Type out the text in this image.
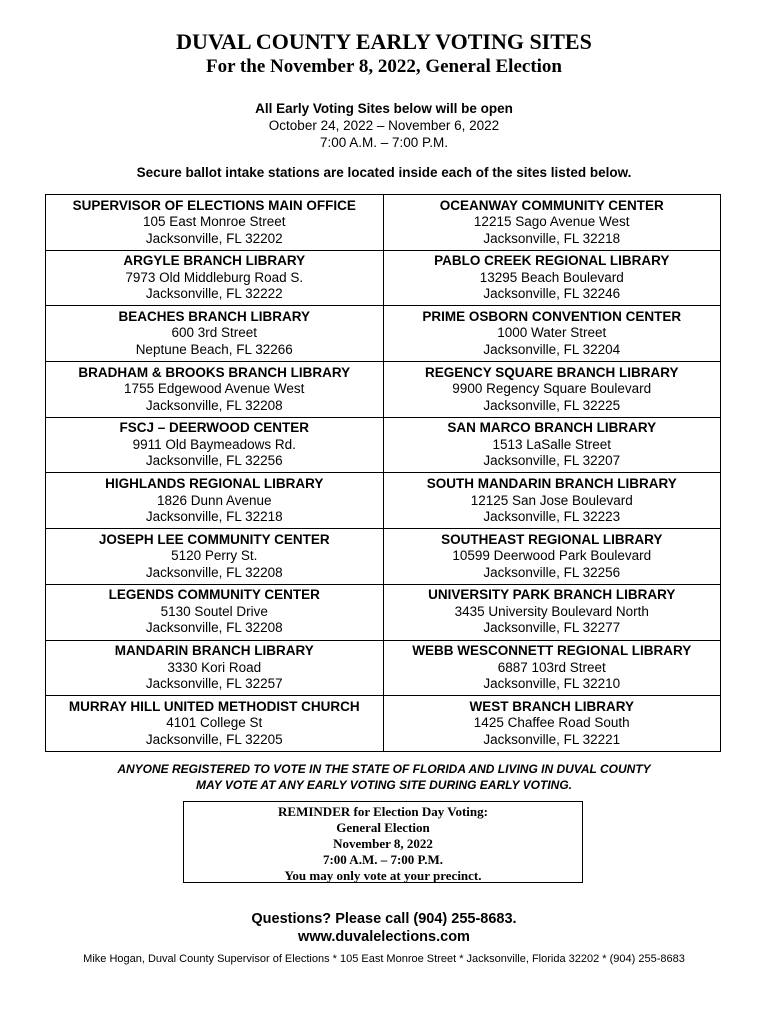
DUVAL COUNTY EARLY VOTING SITES
For the November 8, 2022, General Election
All Early Voting Sites below will be open
October 24, 2022 – November 6, 2022
7:00 A.M. – 7:00 P.M.
Secure ballot intake stations are located inside each of the sites listed below.
SUPERVISOR OF ELECTIONS MAIN OFFICE
105 East Monroe Street
Jacksonville, FL 32202	OCEANWAY COMMUNITY CENTER
12215 Sago Avenue West
Jacksonville, FL 32218

ARGYLE BRANCH LIBRARY
7973 Old Middleburg Road S.
Jacksonville, FL 32222	PABLO CREEK REGIONAL LIBRARY
13295 Beach Boulevard
Jacksonville, FL 32246

BEACHES BRANCH LIBRARY
600 3rd Street
Neptune Beach, FL 32266	PRIME OSBORN CONVENTION CENTER
1000 Water Street
Jacksonville, FL 32204

BRADHAM & BROOKS BRANCH LIBRARY
1755 Edgewood Avenue West
Jacksonville, FL 32208	REGENCY SQUARE BRANCH LIBRARY
9900 Regency Square Boulevard
Jacksonville, FL 32225

FSCJ – DEERWOOD CENTER
9911 Old Baymeadows Rd.
Jacksonville, FL 32256	SAN MARCO BRANCH LIBRARY
1513 LaSalle Street
Jacksonville, FL 32207

HIGHLANDS REGIONAL LIBRARY
1826 Dunn Avenue
Jacksonville, FL 32218	SOUTH MANDARIN BRANCH LIBRARY
12125 San Jose Boulevard
Jacksonville, FL 32223

JOSEPH LEE COMMUNITY CENTER
5120 Perry St.
Jacksonville, FL 32208	SOUTHEAST REGIONAL LIBRARY
10599 Deerwood Park Boulevard
Jacksonville, FL 32256

LEGENDS COMMUNITY CENTER
5130 Soutel Drive
Jacksonville, FL 32208	UNIVERSITY PARK BRANCH LIBRARY
3435 University Boulevard North
Jacksonville, FL 32277

MANDARIN BRANCH LIBRARY
3330 Kori Road
Jacksonville, FL 32257	WEBB WESCONNETT REGIONAL LIBRARY
6887 103rd Street
Jacksonville, FL 32210

MURRAY HILL UNITED METHODIST CHURCH
4101 College St
Jacksonville, FL 32205	WEST BRANCH LIBRARY
1425 Chaffee Road South
Jacksonville, FL 32221
ANYONE REGISTERED TO VOTE IN THE STATE OF FLORIDA AND LIVING IN DUVAL COUNTY
MAY VOTE AT ANY EARLY VOTING SITE DURING EARLY VOTING.
REMINDER for Election Day Voting:
General Election
November 8, 2022
7:00 A.M. – 7:00 P.M.
You may only vote at your precinct.
Questions? Please call (904) 255-8683.
www.duvalelections.com
Mike Hogan, Duval County Supervisor of Elections * 105 East Monroe Street * Jacksonville, Florida 32202 * (904) 255-8683
